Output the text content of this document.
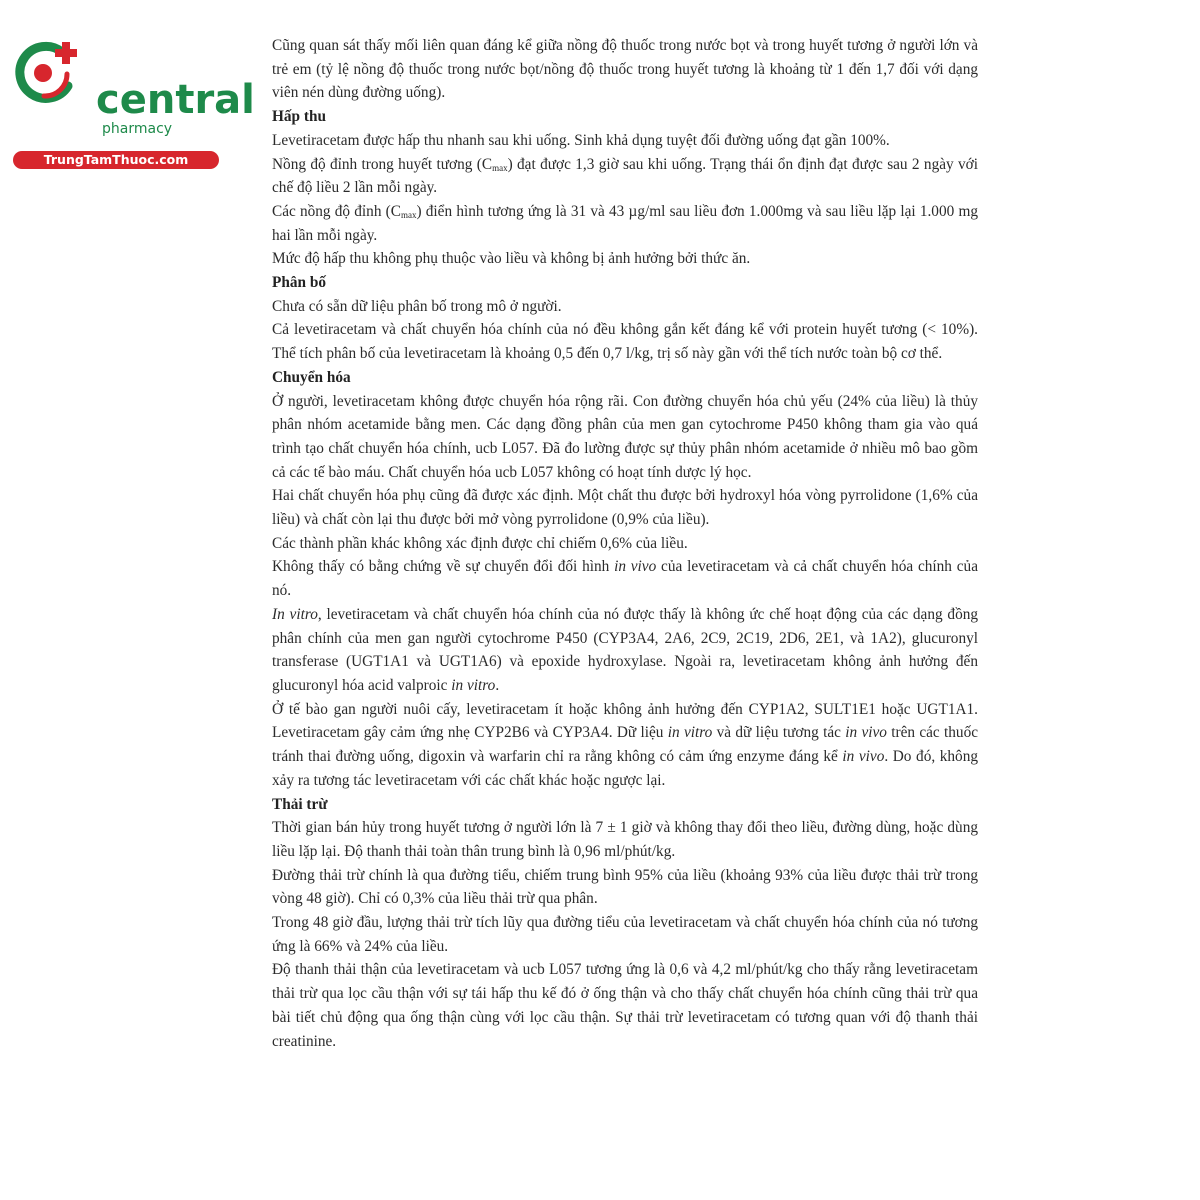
central
pharmacy
TrungTamThuoc.com

Cũng quan sát thấy mối liên quan đáng kể giữa nồng độ thuốc trong nước bọt và trong huyết tương ở người lớn và trẻ em (tỷ lệ nồng độ thuốc trong nước bọt/nồng độ thuốc trong huyết tương là khoảng từ 1 đến 1,7 đối với dạng viên nén dùng đường uống).

Hấp thu

Levetiracetam được hấp thu nhanh sau khi uống. Sinh khả dụng tuyệt đối đường uống đạt gần 100%.

Nồng độ đỉnh trong huyết tương $(C_{max})$ đạt được 1,3 giờ sau khi uống. Trạng thái ổn định đạt được sau 2 ngày với chế độ liều 2 lần mỗi ngày.

Các nồng độ đỉnh $(C_{max})$ điển hình tương ứng là 31 và 43 µg/ml sau liều đơn 1.000mg và sau liều lặp lại 1.000 mg hai lần mỗi ngày.

Mức độ hấp thu không phụ thuộc vào liều và không bị ảnh hưởng bởi thức ăn.

Phân bố

Chưa có sẵn dữ liệu phân bố trong mô ở người.

Cả levetiracetam và chất chuyển hóa chính của nó đều không gắn kết đáng kể với protein huyết tương (< 10%). Thể tích phân bố của levetiracetam là khoảng 0,5 đến 0,7 l/kg, trị số này gần với thể tích nước toàn bộ cơ thể.

Chuyển hóa

Ở người, levetiracetam không được chuyển hóa rộng rãi. Con đường chuyển hóa chủ yếu (24% của liều) là thủy phân nhóm acetamide bằng men. Các dạng đồng phân của men gan cytochrome P450 không tham gia vào quá trình tạo chất chuyển hóa chính, ucb L057. Đã đo lường được sự thủy phân nhóm acetamide ở nhiều mô bao gồm cả các tế bào máu. Chất chuyển hóa ucb L057 không có hoạt tính dược lý học.

Hai chất chuyển hóa phụ cũng đã được xác định. Một chất thu được bởi hydroxyl hóa vòng pyrrolidone (1,6% của liều) và chất còn lại thu được bởi mở vòng pyrrolidone (0,9% của liều).

Các thành phần khác không xác định được chỉ chiếm 0,6% của liều.

Không thấy có bằng chứng về sự chuyển đổi đối hình in vivo của levetiracetam và cả chất chuyển hóa chính của nó.

In vitro, levetiracetam và chất chuyển hóa chính của nó được thấy là không ức chế hoạt động của các dạng đồng phân chính của men gan người cytochrome P450 (CYP3A4, 2A6, 2C9, 2C19, 2D6, 2E1, và 1A2), glucuronyl transferase (UGT1A1 và UGT1A6) và epoxide hydroxylase. Ngoài ra, levetiracetam không ảnh hưởng đến glucuronyl hóa acid valproic in vitro.

Ở tế bào gan người nuôi cấy, levetiracetam ít hoặc không ảnh hưởng đến CYP1A2, SULT1E1 hoặc UGT1A1. Levetiracetam gây cảm ứng nhẹ CYP2B6 và CYP3A4. Dữ liệu in vitro và dữ liệu tương tác in vivo trên các thuốc tránh thai đường uống, digoxin và warfarin chỉ ra rằng không có cảm ứng enzyme đáng kể in vivo. Do đó, không xảy ra tương tác levetiracetam với các chất khác hoặc ngược lại.

Thải trừ

Thời gian bán hủy trong huyết tương ở người lớn là 7 ± 1 giờ và không thay đổi theo liều, đường dùng, hoặc dùng liều lặp lại. Độ thanh thải toàn thân trung bình là 0,96 ml/phút/kg.

Đường thải trừ chính là qua đường tiểu, chiếm trung bình 95% của liều (khoảng 93% của liều được thải trừ trong vòng 48 giờ). Chỉ có 0,3% của liều thải trừ qua phân.

Trong 48 giờ đầu, lượng thải trừ tích lũy qua đường tiểu của levetiracetam và chất chuyển hóa chính của nó tương ứng là 66% và 24% của liều.

Độ thanh thải thận của levetiracetam và ucb L057 tương ứng là 0,6 và 4,2 ml/phút/kg cho thấy rằng levetiracetam thải trừ qua lọc cầu thận với sự tái hấp thu kế đó ở ống thận và cho thấy chất chuyển hóa chính cũng thải trừ qua bài tiết chủ động qua ống thận cùng với lọc cầu thận. Sự thải trừ levetiracetam có tương quan với độ thanh thải creatinine.
